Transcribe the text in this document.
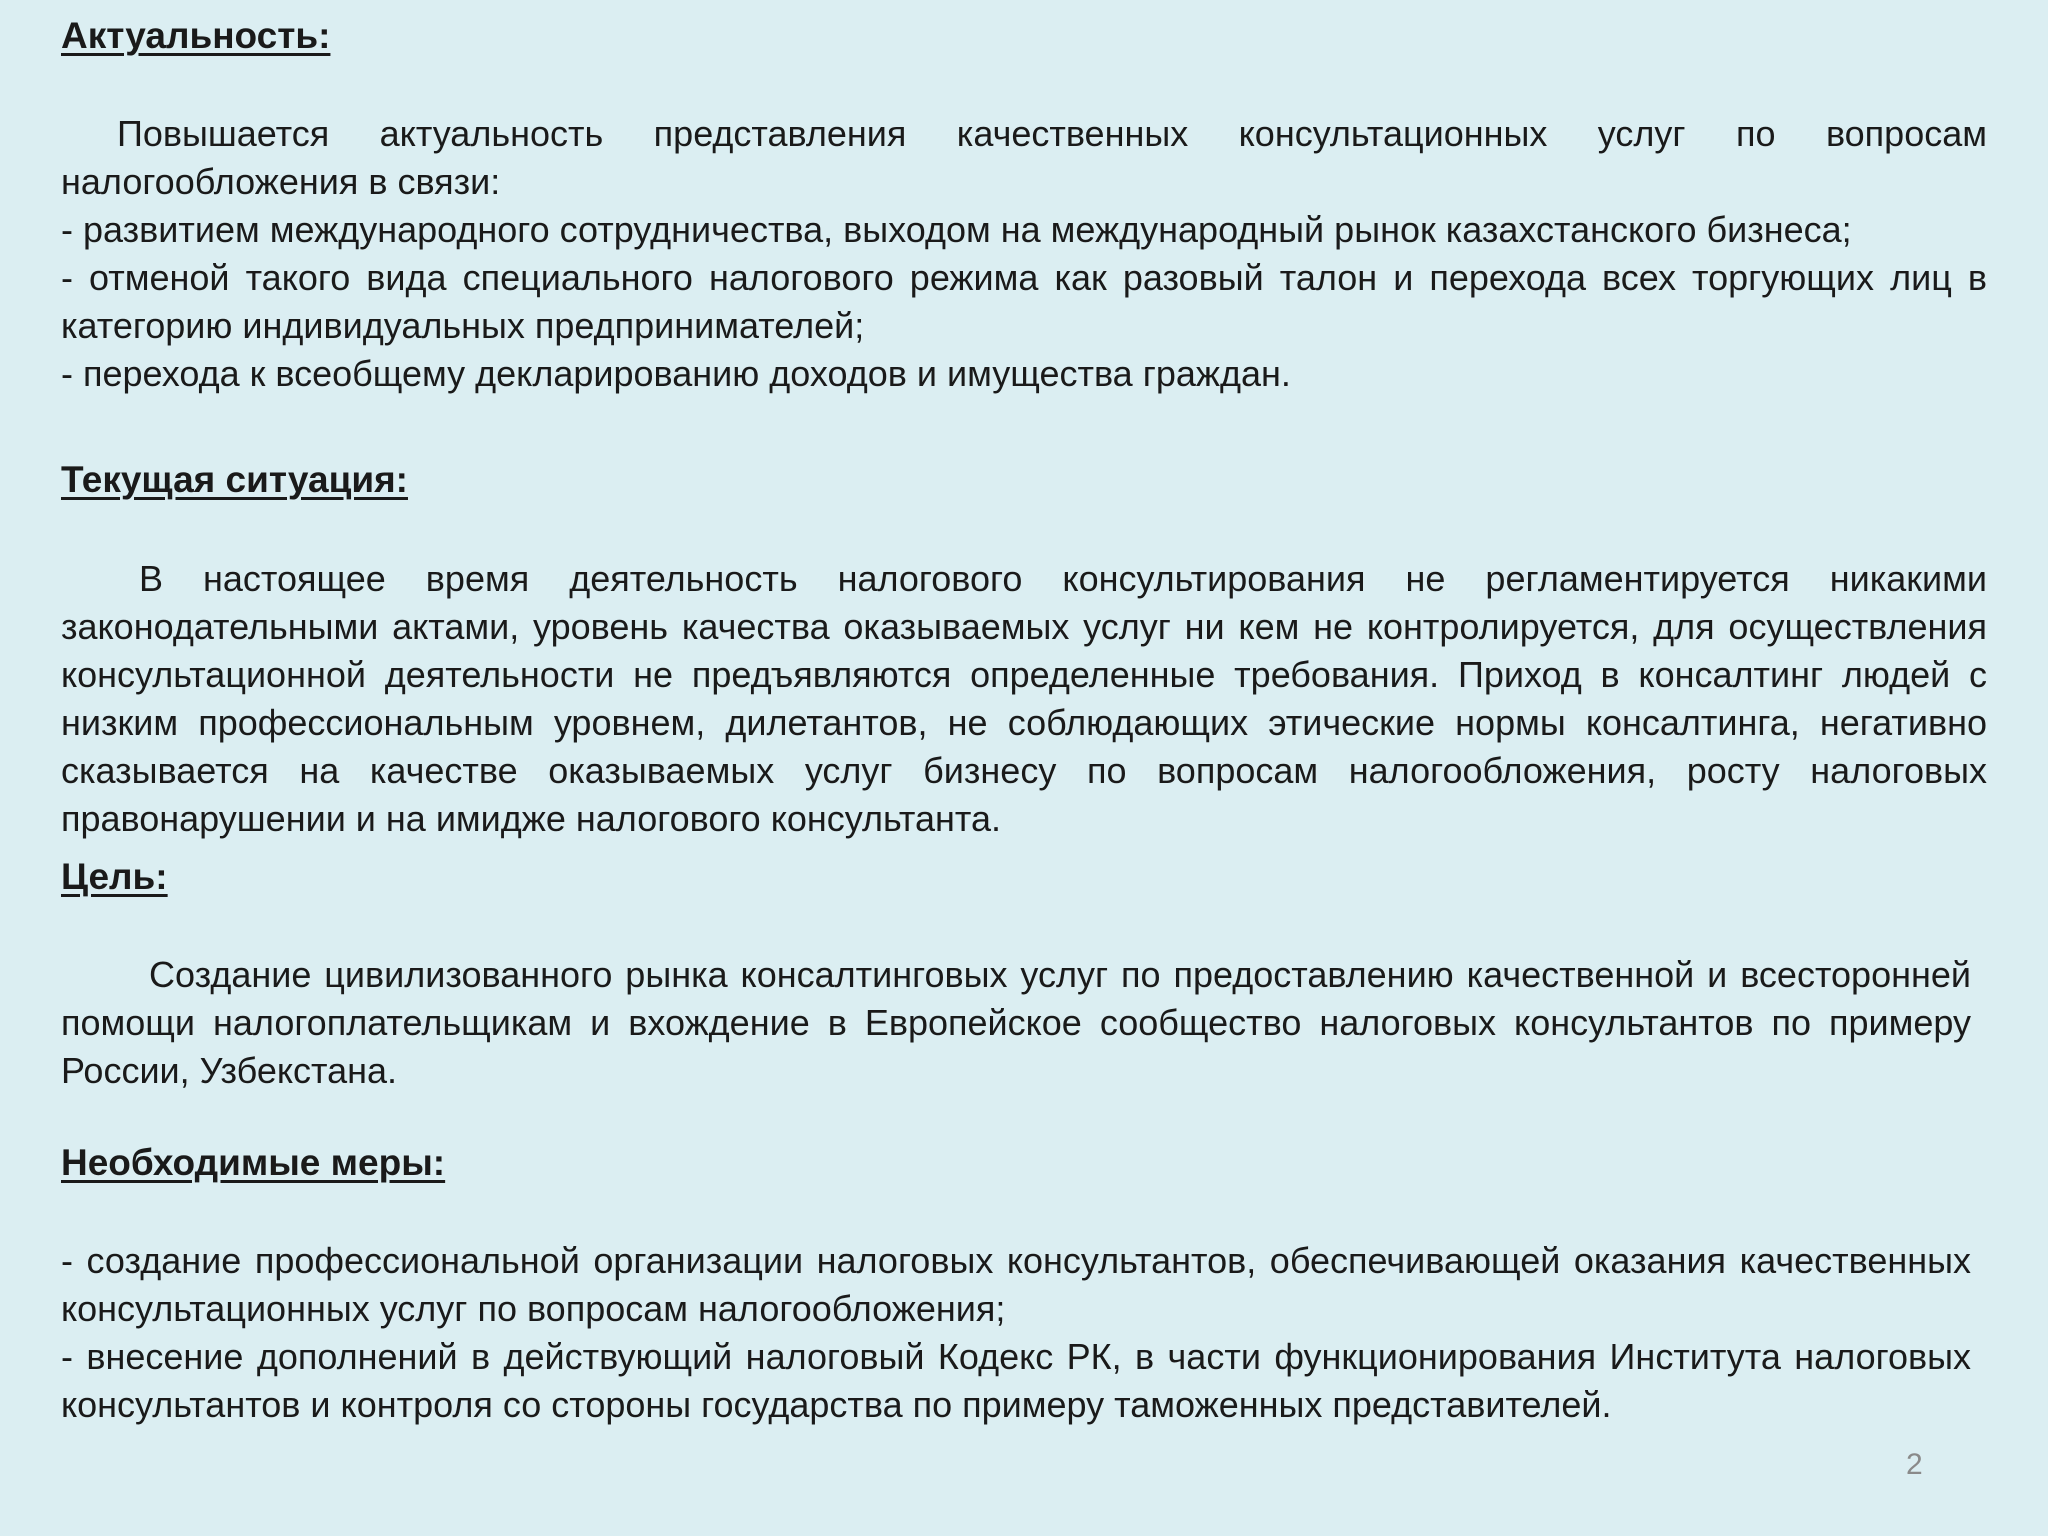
Актуальность:

Повышается актуальность представления качественных консультационных услуг по вопросам налогообложения в связи:

- развитием международного сотрудничества, выходом на международный рынок казахстанского бизнеса;

- отменой такого вида специального налогового режима как разовый талон и перехода всех торгующих лиц в категорию индивидуальных предпринимателей;

- перехода к всеобщему декларированию доходов и имущества граждан.

Текущая ситуация:

В настоящее время деятельность налогового консультирования не регламентируется никакими законодательными актами, уровень качества оказываемых услуг ни кем не контролируется, для осуществления консультационной деятельности не предъявляются определенные требования. Приход в консалтинг людей с низким профессиональным уровнем, дилетантов, не соблюдающих этические нормы консалтинга, негативно сказывается на качестве оказываемых услуг бизнесу по вопросам налогообложения, росту налоговых правонарушении и на имидже налогового консультанта.

Цель:

Создание цивилизованного рынка консалтинговых услуг по предоставлению качественной и всесторонней помощи налогоплательщикам и вхождение в Европейское сообщество налоговых консультантов по примеру России, Узбекстана.

Необходимые меры:

- создание профессиональной организации налоговых консультантов, обеспечивающей оказания качественных консультационных услуг по вопросам налогообложения;

- внесение дополнений в действующий налоговый Кодекс РК, в части функционирования Института налоговых консультантов и контроля со стороны государства по примеру таможенных представителей.

2
